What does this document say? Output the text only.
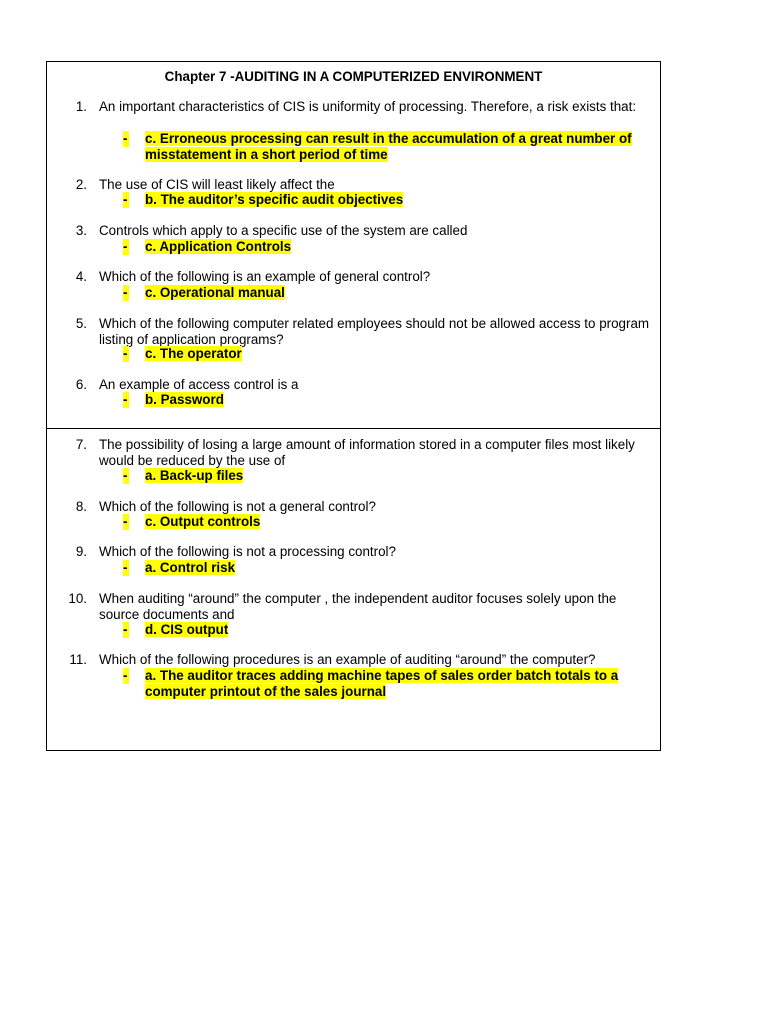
Chapter 7 -AUDITING IN A COMPUTERIZED ENVIRONMENT
1. An important characteristics of CIS is uniformity of processing. Therefore, a risk exists that:
- c. Erroneous processing can result in the accumulation of a great number of misstatement in a short period of time
2. The use of CIS will least likely affect the
- b. The auditor’s specific audit objectives
3. Controls which apply to a specific use of the system are called
- c. Application Controls
4. Which of the following is an example of general control?
- c. Operational manual
5. Which of the following computer related employees should not be allowed access to program listing of application programs?
- c. The operator
6. An example of access control is a
- b. Password
7. The possibility of losing a large amount of information stored in a computer files most likely would be reduced by the use of
- a. Back-up files
8. Which of the following is not a general control?
- c. Output controls
9. Which of the following is not a processing control?
- a. Control risk
10. When auditing “around” the computer , the independent auditor focuses solely upon the source documents and
- d. CIS output
11. Which of the following procedures is an example of auditing “around” the computer?
- a. The auditor traces adding machine tapes of sales order batch totals to a computer printout of the sales journal
